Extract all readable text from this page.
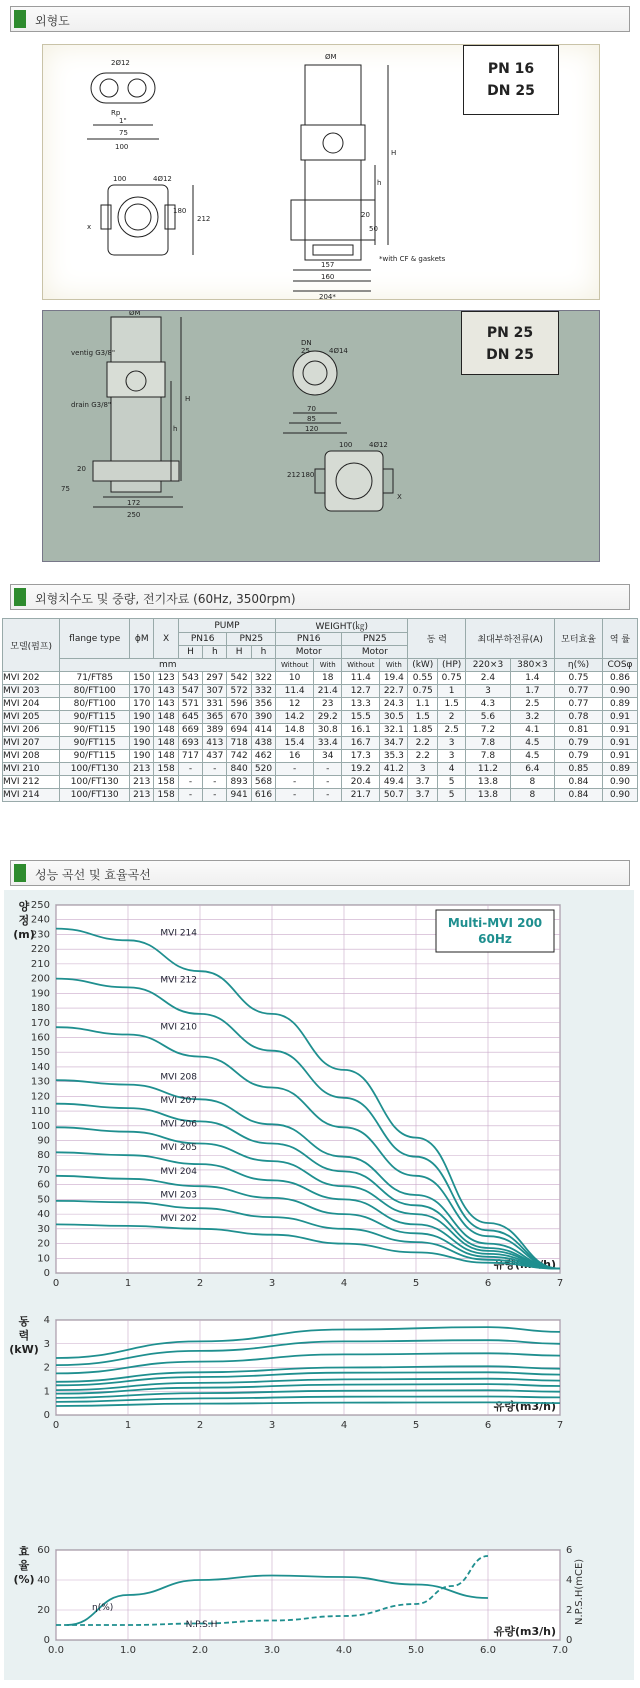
외형도
2Ø12
Rp
1"
75
100
100	4Ø12
180
212
ØM
H
h
20
50
157
160
204*
*with CF & gaskets
x
PN 16
DN 25
ØM
ventig G3/8"
drain G3/8"
H
h
20
75
172
250
DN
25	4Ø14
70
85
120
100 4Ø12
212 180
X
PN 25
DN 25
외형치수도 및 중량, 전기자료 (60Hz, 3500rpm)
모델(펌프)	flange type	ϕM	X	PUMP				WEIGHT(㎏)				동 력		최대부하전류(A)		모터효율	역 률
				PN16		PN25		PN16		PN25							
				H	h	H	h	Motor		Motor							
	mm							Without	With	Without	With	(kW)	(HP)	220×3	380×3	η(%)	COSφ
MVI 202	71/FT85	150	123	543	297	542	322	10	18	11.4	19.4	0.55	0.75	2.4	1.4	0.75	0.86
MVI 203	80/FT100	170	143	547	307	572	332	11.4	21.4	12.7	22.7	0.75	1	3	1.7	0.77	0.90
MVI 204	80/FT100	170	143	571	331	596	356	12	23	13.3	24.3	1.1	1.5	4.3	2.5	0.77	0.89
MVI 205	90/FT115	190	148	645	365	670	390	14.2	29.2	15.5	30.5	1.5	2	5.6	3.2	0.78	0.91
MVI 206	90/FT115	190	148	669	389	694	414	14.8	30.8	16.1	32.1	1.85	2.5	7.2	4.1	0.81	0.91
MVI 207	90/FT115	190	148	693	413	718	438	15.4	33.4	16.7	34.7	2.2	3	7.8	4.5	0.79	0.91
MVI 208	90/FT115	190	148	717	437	742	462	16	34	17.3	35.3	2.2	3	7.8	4.5	0.79	0.91
MVI 210	100/FT130	213	158	-	-	840	520	-	-	19.2	41.2	3	4	11.2	6.4	0.85	0.89
MVI 212	100/FT130	213	158	-	-	893	568	-	-	20.4	49.4	3.7	5	13.8	8	0.84	0.90
MVI 214	100/FT130	213	158	-	-	941	616	-	-	21.7	50.7	3.7	5	13.8	8	0.84	0.90
성능 곡선 및 효율곡선
0
10
20
30
40
50
60
70
80
90
100
110
120
130
140
150
160
170
180
190
200
210
220
230
240
250
0	1	2	3	4	5	6	7
양
정
(m)
유량(m3/h)
0
1
2
3
4
0	1	2	3	4	5	6	7
동
력
(kW)
유량(m3/h)
0
20
40
60
0.0	1.0	2.0	3.0	4.0	5.0	6.0	7.0
효
율
(%)
유량(m3/h)
MVI 214
MVI 212
MVI 210
MVI 208
MVI 207
MVI 206
MVI 205
MVI 204
MVI 203
MVI 202
Multi-MVI 200
60Hz
0
2
4
6
N.P.S.H(mCE)
η(%)
N.P.S.H
